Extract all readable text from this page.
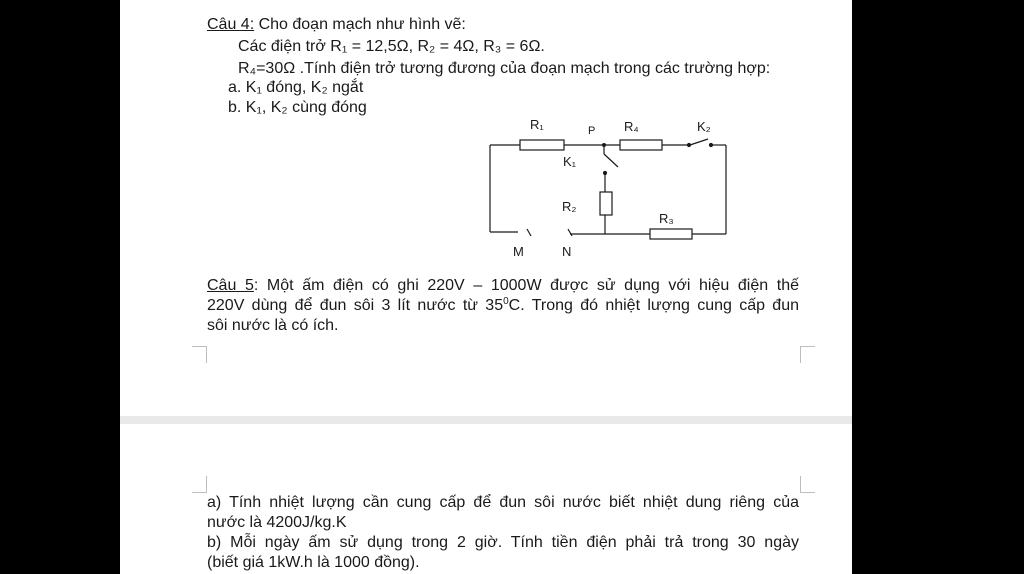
Câu 4: Cho đoạn mạch như hình vẽ:
Các điện trở R₁ = 12,5Ω, R₂ = 4Ω, R₃ = 6Ω.
R₄=30Ω .Tính điện trở tương đương của đoạn mạch trong các trường hợp:
a. K₁ đóng, K₂ ngắt
b. K₁, K₂ cùng đóng
R₁	P R₄	K₂
K₁
R₂
R₃
M	N
Câu 5: Một ấm điện có ghi 220V – 1000W được sử dụng với hiệu điện thế
220V dùng để đun sôi 3 lít nước từ $35^0C$. Trong đó nhiệt lượng cung cấp đun
sôi nước là có ích.
a) Tính nhiệt lượng cần cung cấp để đun sôi nước biết nhiệt dung riêng của
nước là 4200J/kg.K
b) Mỗi ngày ấm sử dụng trong 2 giờ. Tính tiền điện phải trả trong 30 ngày
(biết giá 1kW.h là 1000 đồng).
